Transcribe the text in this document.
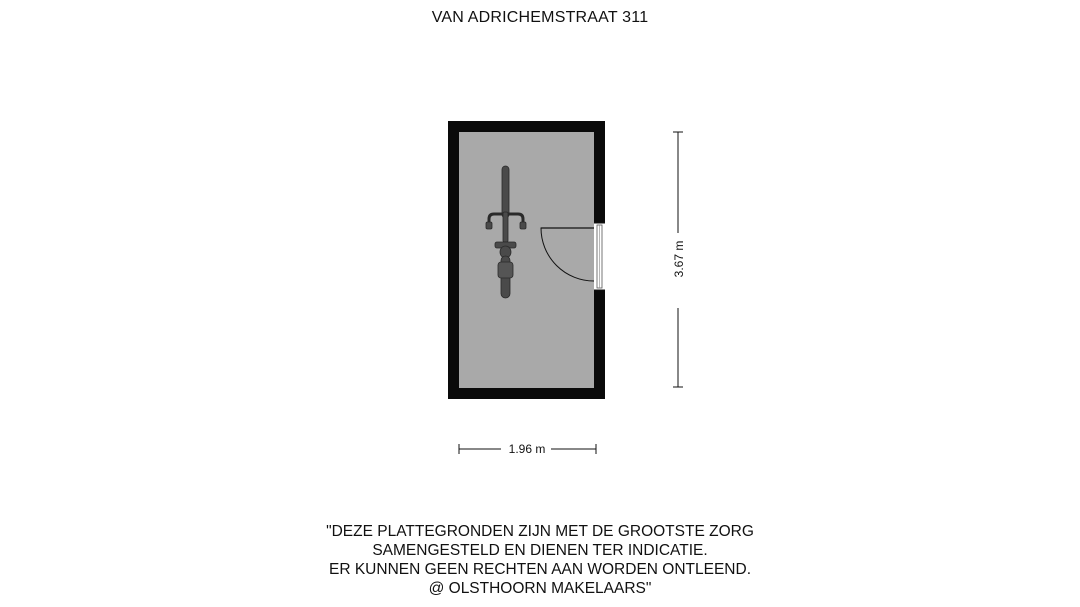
VAN ADRICHEMSTRAAT 311
3.67 m
1.96 m
"DEZE PLATTEGRONDEN ZIJN MET DE GROOTSTE ZORG
SAMENGESTELD EN DIENEN TER INDICATIE.
ER KUNNEN GEEN RECHTEN AAN WORDEN ONTLEEND.
@ OLSTHOORN MAKELAARS"
